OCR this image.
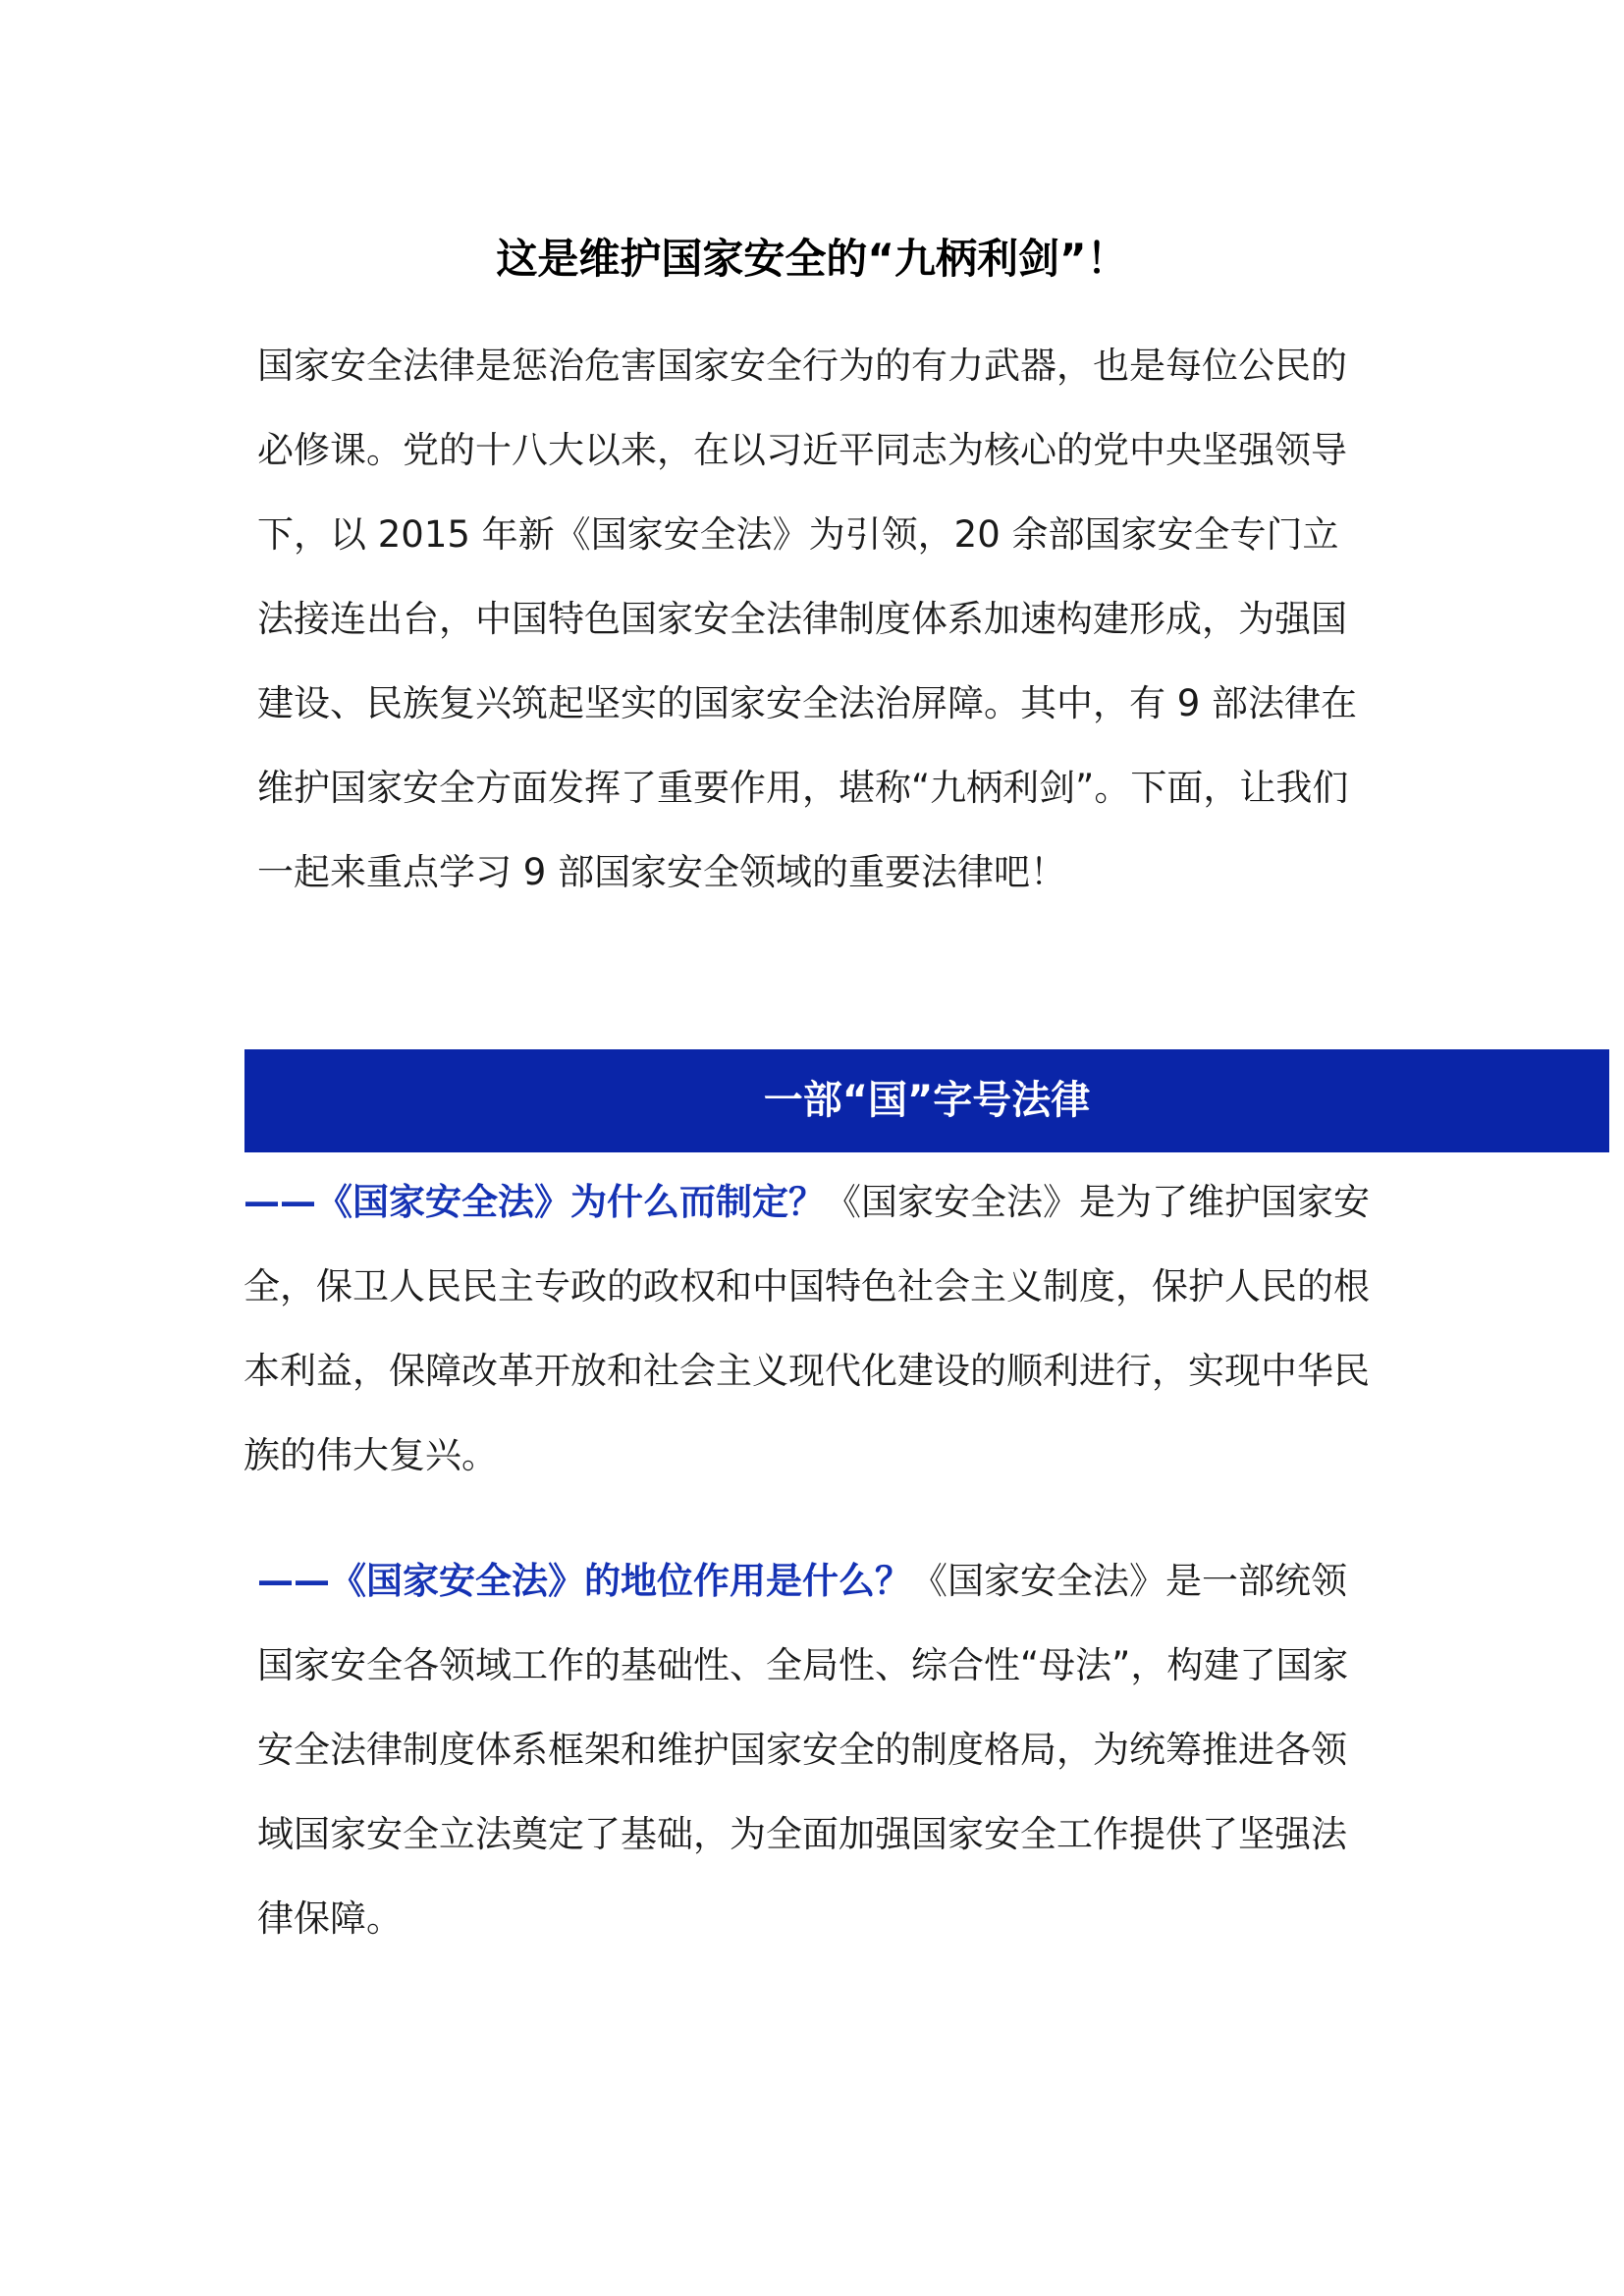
这是维护国家安全的“九柄利剑”！

国家安全法律是惩治危害国家安全行为的有力武器，也是每位公民的必修课。党的十八大以来，在以习近平同志为核心的党中央坚强领导下，以 2015 年新《国家安全法》为引领，20 余部国家安全专门立法接连出台，中国特色国家安全法律制度体系加速构建形成，为强国建设、民族复兴筑起坚实的国家安全法治屏障。其中，有 9 部法律在维护国家安全方面发挥了重要作用，堪称“九柄利剑”。下面，让我们一起来重点学习 9 部国家安全领域的重要法律吧！

一部“国”字号法律

——《国家安全法》为什么而制定？《国家安全法》是为了维护国家安全，保卫人民民主专政的政权和中国特色社会主义制度，保护人民的根本利益，保障改革开放和社会主义现代化建设的顺利进行，实现中华民族的伟大复兴。

——《国家安全法》的地位作用是什么？《国家安全法》是一部统领国家安全各领域工作的基础性、全局性、综合性“母法”，构建了国家安全法律制度体系框架和维护国家安全的制度格局，为统筹推进各领域国家安全立法奠定了基础，为全面加强国家安全工作提供了坚强法律保障。
